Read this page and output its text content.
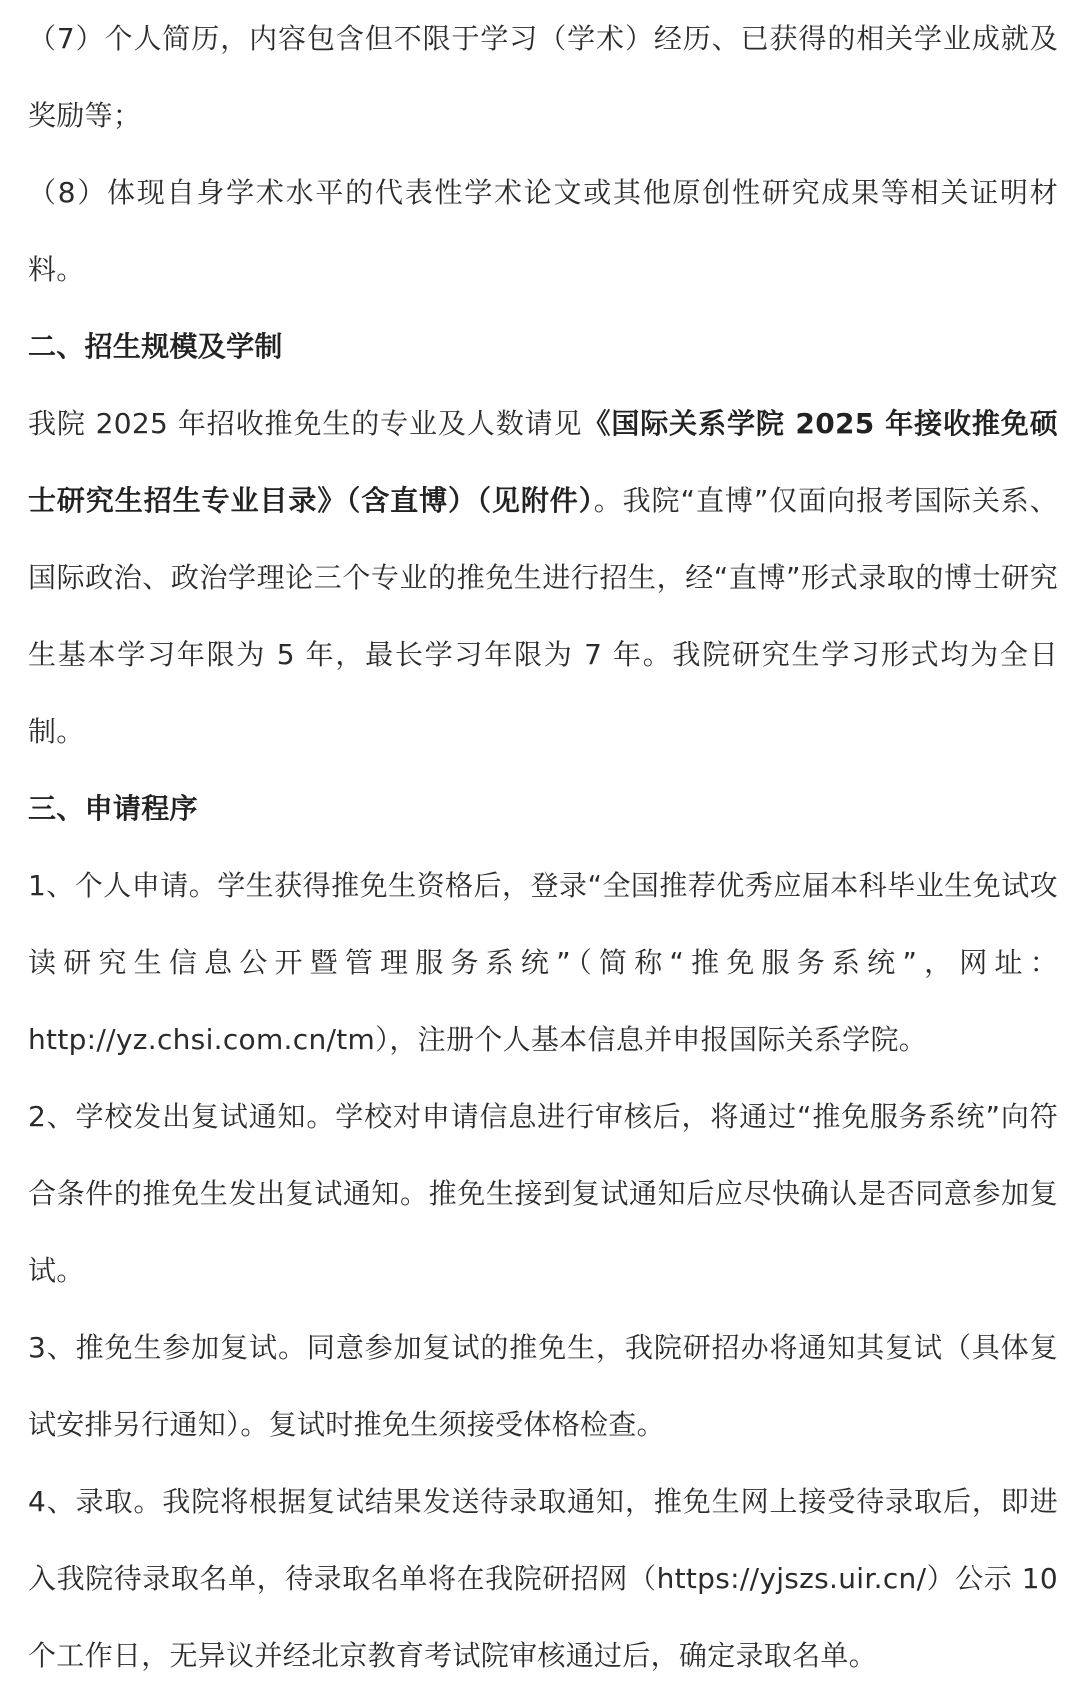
（7）个人简历，内容包含但不限于学习（学术）经历、已获得的相关学业成就及奖励等；

（8）体现自身学术水平的代表性学术论文或其他原创性研究成果等相关证明材料。

二、招生规模及学制

我院 2025 年招收推免生的专业及人数请见《国际关系学院 2025 年接收推免硕士研究生招生专业目录》（含直博）（见附件）。我院“直博”仅面向报考国际关系、国际政治、政治学理论三个专业的推免生进行招生，经“直博”形式录取的博士研究生基本学习年限为 5 年，最长学习年限为 7 年。我院研究生学习形式均为全日制。

三、申请程序

1、个人申请。学生获得推免生资格后，登录“全国推荐优秀应届本科毕业生免试攻读研究生信息公开暨管理服务系统”（简称“推免服务系统”，网址：http://yz.chsi.com.cn/tm），注册个人基本信息并申报国际关系学院。

2、学校发出复试通知。学校对申请信息进行审核后，将通过“推免服务系统”向符合条件的推免生发出复试通知。推免生接到复试通知后应尽快确认是否同意参加复试。

3、推免生参加复试。同意参加复试的推免生，我院研招办将通知其复试（具体复试安排另行通知）。复试时推免生须接受体格检查。

4、录取。我院将根据复试结果发送待录取通知，推免生网上接受待录取后，即进入我院待录取名单，待录取名单将在我院研招网（https://yjszs.uir.cn/）公示 10 个工作日，无异议并经北京教育考试院审核通过后，确定录取名单。
